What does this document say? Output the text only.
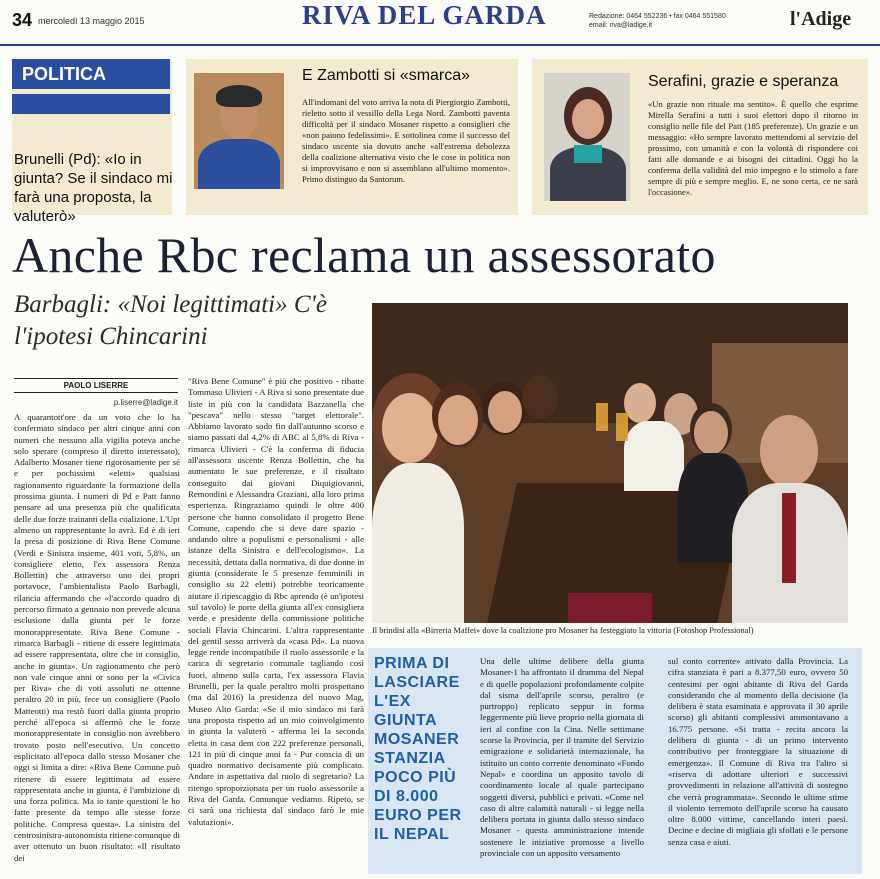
34 mercoledì 13 maggio 2015	RIVA DEL GARDA	Redazione: 0464 552236 • fax 0464 551580
email: riva@ladige.it	l'Adige
POLITICA
Brunelli (Pd): «Io in giunta? Se il sindaco mi farà una proposta, la valuterò»
E Zambotti si «smarca»
All'indomani del voto arriva la nota di Piergiorgio Zambotti, rieletto sotto il vessillo della Lega Nord. Zambotti paventa difficoltà per il sindaco Mosaner rispetto a consiglieri che «non paiono fedelissimi». E sottolinea come il successo del sindaco uscente sia dovuto anche «all'estrema debolezza della coalizione alternativa visto che le cose in politica non si improvvisano e non si assemblano all'ultimo momento». Primo distinguo da Santorum.
Serafini, grazie e speranza
«Un grazie non rituale ma sentito». È quello che esprime Mirella Serafini a tutti i suoi elettori dopo il ritorno in consiglio nelle file del Patt (185 preferenze). Un grazie e un messaggio: «Ho sempre lavorato mettendomi al servizio del prossimo, con umanità e con la volontà di rispondere coi fatti alle domande e ai bisogni dei cittadini. Oggi ho la conferma della validità del mio impegno e lo stimolo a fare sempre di più e sempre meglio. E, ne sono certa, ce ne sarà l'occasione».
Anche Rbc reclama un assessorato
Barbagli: «Noi legittimati» C'è l'ipotesi Chincarini
PAOLO LISERRE
p.liserre@ladige.it
A quarantott'ore da un voto che lo ha confermato sindaco per altri cinque anni con numeri che nessuno alla vigilia poteva anche solo sperare (compreso il diretto interessato), Adalberto Mosaner tiene rigorosamente per sé e per pochissimi «eletti» qualsiasi ragionamento riguardante la formazione della prossima giunta. I numeri di Pd e Patt fanno pensare ad una presenza più che qualificata delle due forze trainanti della coalizione. L'Upt almeno un rappresentante lo avrà. Ed è di ieri la presa di posizione di Riva Bene Comune (Verdi e Sinistra insieme, 401 voti, 5,8%, un consigliere eletto, l'ex assessora Renza Bollettin) che attraverso uno dei propri portavoce, l'ambientalista Paolo Barbagli, rilancia affermando che «l'accordo quadro di percorso firmato a gennaio non prevede alcuna esclusione dalla giunta per le forze monorappresentate. Riva Bene Comune - rimarca Barbagli - ritiene di essere legittimata ad essere rappresentata, oltre che in consiglio, anche in giunta». Un ragionamento che però non vale cinque anni or sono per la «Civica per Riva» che di voti assoluti ne ottenne peraltro 20 in più, fece un consigliere (Paolo Matteotti) ma restò fuori dalla giunta proprio perché all'epoca si affermò che le forze monorappresentate in consiglio non avrebbero trovato posto nell'esecutivo. Un concetto esplicitato all'epoca dallo stesso Mosaner che oggi si limita a dire: «Riva Bene Comune può ritenere di essere legittimata ad essere rappresentata anche in giunta, è l'ambizione di una forza politica. Ma io tante questioni le ho fatte presente da tempo alle stesse forze politiche. Compresa questa». La sinistra del centrosinistra-autonomista ritiene comunque di aver ottenuto un buon risultato: «Il risultato dei
"Riva Bene Comune" è più che positivo - ribatte Tommaso Ulivieri - A Riva si sono presentate due liste in più con la candidata Bazzanella che "pescava" nello stesso "target elettorale". Abbiamo lavorato sodo fin dall'autunno scorso e siamo passati dal 4,2% di ABC al 5,8% di Riva - rimarca Ulivieri - C'è la conferma di fiducia all'assessora uscente Renza Bollettin, che ha aumentato le sue preferenze, e il risultato conseguito dai giovani Diquigiovanni, Remondini e Alessandra Graziani, alla loro prima esperienza. Ringraziamo quindi le oltre 400 persone che hanno consolidato il progetto Bene Comune, capendo che si deve dare spazio - andando oltre a populismi e personalismi - alle istanze della Sinistra e dell'ecologismo». La necessità, dettata dalla normativa, di due donne in giunta (considerate le 5 presenze femminili in consiglio su 22 eletti) potrebbe teoricamente aiutare il ripescaggio di Rbc aprendo (è un'ipotesi sul tavolo) le porte della giunta all'ex consigliera verde e presidente della commissione politiche sociali Flavia Chincarini. L'altra rappresentante del gentil sesso arriverà da «casa Pd». La nuova legge rende incompatibile il ruolo assessorile e la carica di segretario comunale tagliando così fuori, almeno sulla carta, l'ex assessora Flavia Brunelli, per la quale peraltro molti prospettano (ma dal 2016) la presidenza del nuovo Mag, Museo Alto Garda: «Se il mio sindaco mi farà una proposta rispetto ad un mio coinvolgimento in giunta la valuterò - afferma lei la seconda eletta in casa dem con 222 preferenze personali, 121 in più di cinque anni fa - Pur conscia di un quadro normativo decisamente più complicato. Andare in aspettativa dal ruolo di segretario? La ritengo sproporzionata per un ruolo assessorile a Riva del Garda. Comunque vediamo. Ripeto, se ci sarà una richiesta dal sindaco farò le mie valutazioni».
Il brindisi alla «Birreria Maffei» dove la coalizione pro Mosaner ha festeggiato la vittoria (Fotoshop Professional)
PRIMA DI LASCIARE L'EX GIUNTA MOSANER STANZIA POCO PIÙ DI 8.000 EURO PER IL NEPAL
Una delle ultime delibere della giunta Mosaner-1 ha affrontato il dramma del Nepal e di quelle popolazioni profondamente colpite dal sisma dell'aprile scorso, peraltro (e purtroppo) replicato seppur in forma leggermente più lieve proprio nella giornata di ieri al confine con la Cina. Nelle settimane scorse la Provincia, per il tramite del Servizio emigrazione e solidarietà internazionale, ha istituito un conto corrente denominato «Fondo Nepal» e coordina un apposito tavolo di coordinamento locale al quale partecipano soggetti diversi, pubblici e privati. «Come nel caso di altre calamità naturali - si legge nella delibera portata in giunta dallo stesso sindaco Mosaner - questa amministrazione intende sostenere le iniziative promosse a livello provinciale con un apposito versamento
sul conto corrente» attivato dalla Provincia. La cifra stanziata è pari a 8.377,50 euro, ovvero 50 centesimi per ogni abitante di Riva del Garda considerando che al momento della decisione (la delibera è stata esaminata e approvata il 30 aprile scorso) gli abitanti complessivi ammontavano a 16.775 persone. «Si tratta - recita ancora la delibera di giunta - di un primo intervento contributivo per fronteggiare la situazione di emergenza». Il Comune di Riva tra l'altro si «riserva di adottare ulteriori e successivi provvedimenti in relazione all'attività di sostegno che verrà programmata». Secondo le ultime stime il violento terremoto dell'aprile scorso ha causato oltre 8.000 vittime, cancellando interi paesi. Decine e decine di migliaia gli sfollati e le persone senza casa e aiuti.
